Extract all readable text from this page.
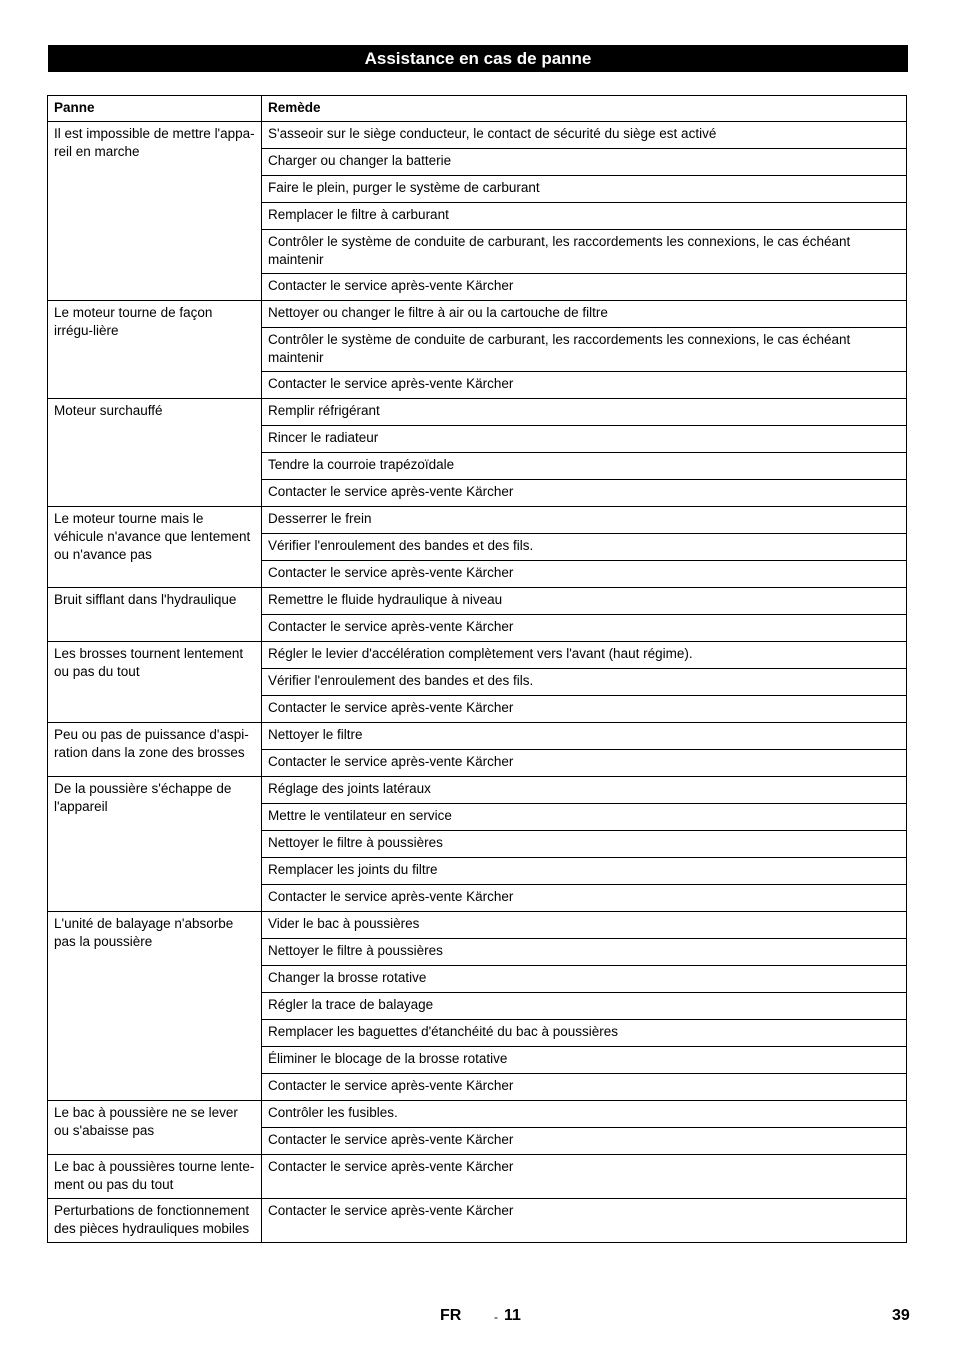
Assistance en cas de panne
Panne	Remède
Il est impossible de mettre l'appa-reil en marche	S'asseoir sur le siège conducteur, le contact de sécurité du siège est activé
	Charger ou changer la batterie
	Faire le plein, purger le système de carburant
	Remplacer le filtre à carburant
	Contrôler le système de conduite de carburant, les raccordements les connexions, le cas échéant maintenir
	Contacter le service après-vente Kärcher
Le moteur tourne de façon irrégu-lière	Nettoyer ou changer le filtre à air ou la cartouche de filtre
	Contrôler le système de conduite de carburant, les raccordements les connexions, le cas échéant maintenir
	Contacter le service après-vente Kärcher
Moteur surchauffé	Remplir réfrigérant
	Rincer le radiateur
	Tendre la courroie trapézoïdale
	Contacter le service après-vente Kärcher
Le moteur tourne mais le véhicule n'avance que lentement ou n'avance pas	Desserrer le frein
	Vérifier l'enroulement des bandes et des fils.
	Contacter le service après-vente Kärcher
Bruit sifflant dans l'hydraulique	Remettre le fluide hydraulique à niveau
	Contacter le service après-vente Kärcher
Les brosses tournent lentement ou pas du tout	Régler le levier d'accélération complètement vers l'avant (haut régime).
	Vérifier l'enroulement des bandes et des fils.
	Contacter le service après-vente Kärcher
Peu ou pas de puissance d'aspi-ration dans la zone des brosses	Nettoyer le filtre
	Contacter le service après-vente Kärcher
De la poussière s'échappe de l'appareil	Réglage des joints latéraux
	Mettre le ventilateur en service
	Nettoyer le filtre à poussières
	Remplacer les joints du filtre
	Contacter le service après-vente Kärcher
L'unité de balayage n'absorbe pas la poussière	Vider le bac à poussières
	Nettoyer le filtre à poussières
	Changer la brosse rotative
	Régler la trace de balayage
	Remplacer les baguettes d'étanchéité du bac à poussières
	Éliminer le blocage de la brosse rotative
	Contacter le service après-vente Kärcher
Le bac à poussière ne se lever ou s'abaisse pas	Contrôler les fusibles.
	Contacter le service après-vente Kärcher
Le bac à poussières tourne lente-ment ou pas du tout	Contacter le service après-vente Kärcher
Perturbations de fonctionnement des pièces hydrauliques mobiles	Contacter le service après-vente Kärcher
FR	- 11	39
